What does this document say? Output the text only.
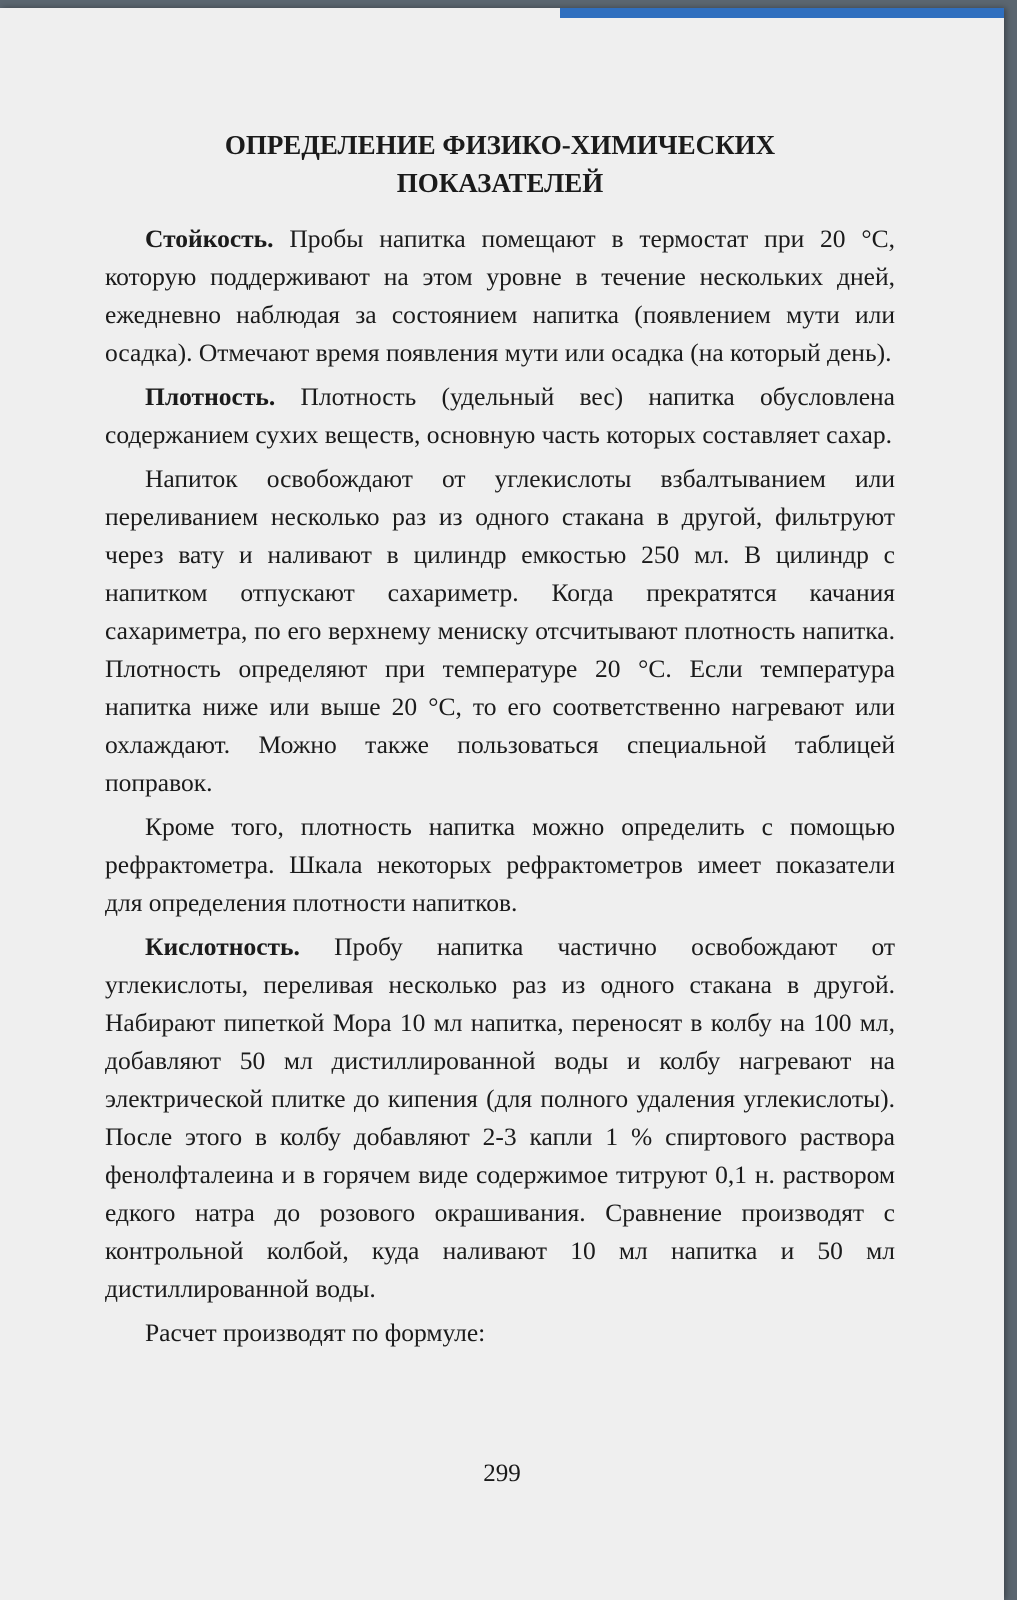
ОПРЕДЕЛЕНИЕ ФИЗИКО-ХИМИЧЕСКИХ
ПОКАЗАТЕЛЕЙ

Стойкость. Пробы напитка помещают в термостат при 20 °С, которую поддерживают на этом уровне в течение нескольких дней, ежедневно наблюдая за состоянием напитка (появлением мути или осадка). Отмечают время появления мути или осадка (на который день).

Плотность. Плотность (удельный вес) напитка обусловлена содержанием сухих веществ, основную часть которых составляет сахар.

Напиток освобождают от углекислоты взбалтыванием или переливанием несколько раз из одного стакана в другой, фильтруют через вату и наливают в цилиндр емкостью 250 мл. В цилиндр с напитком отпускают сахариметр. Когда прекратятся качания сахариметра, по его верхнему мениску отсчитывают плотность напитка. Плотность определяют при температуре 20 °С. Если температура напитка ниже или выше 20 °С, то его соответственно нагревают или охлаждают. Можно также пользоваться специальной таблицей поправок.

Кроме того, плотность напитка можно определить с помощью рефрактометра. Шкала некоторых рефрактометров имеет показатели для определения плотности напитков.

Кислотность. Пробу напитка частично освобождают от углекислоты, переливая несколько раз из одного стакана в другой. Набирают пипеткой Мора 10 мл напитка, переносят в колбу на 100 мл, добавляют 50 мл дистиллированной воды и колбу нагревают на электрической плитке до кипения (для полного удаления углекислоты). После этого в колбу добавляют 2-3 капли 1 % спиртового раствора фенолфталеина и в горячем виде содержимое титруют 0,1 н. раствором едкого натра до розового окрашивания. Сравнение производят с контрольной колбой, куда наливают 10 мл напитка и 50 мл дистиллированной воды.

Расчет производят по формуле:

299
